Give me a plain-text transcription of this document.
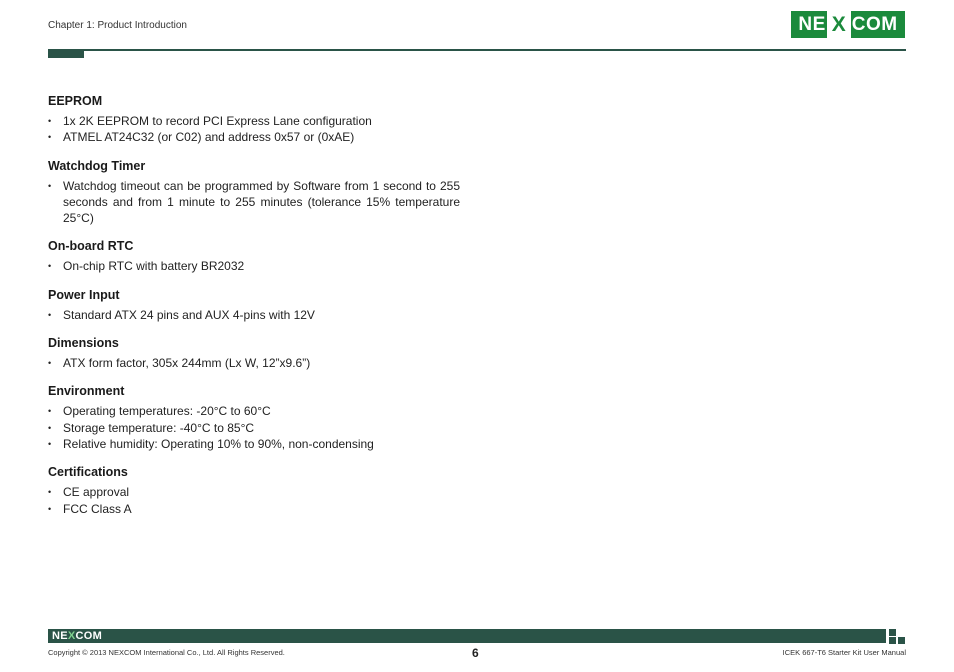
Chapter 1: Product Introduction	NE X COM
EEPROM
• 1x 2K EEPROM to record PCI Express Lane configuration
• ATMEL AT24C32 (or C02) and address 0x57 or (0xAE)
Watchdog Timer
• Watchdog timeout can be programmed by Software from 1 second to 255 seconds and from 1 minute to 255 minutes (tolerance 15% temperature 25°C)
On-board RTC
• On-chip RTC with battery BR2032
Power Input
• Standard ATX 24 pins and AUX 4-pins with 12V
Dimensions
• ATX form factor, 305x 244mm (Lx W, 12”x9.6”)
Environment
• Operating temperatures: -20°C to 60°C
• Storage temperature: -40°C to 85°C
• Relative humidity: Operating 10% to 90%, non-condensing
Certifications
• CE approval
• FCC Class A
NE X COM
Copyright © 2013 NEXCOM International Co., Ltd. All Rights Reserved.	6	ICEK 667-T6 Starter Kit User Manual
